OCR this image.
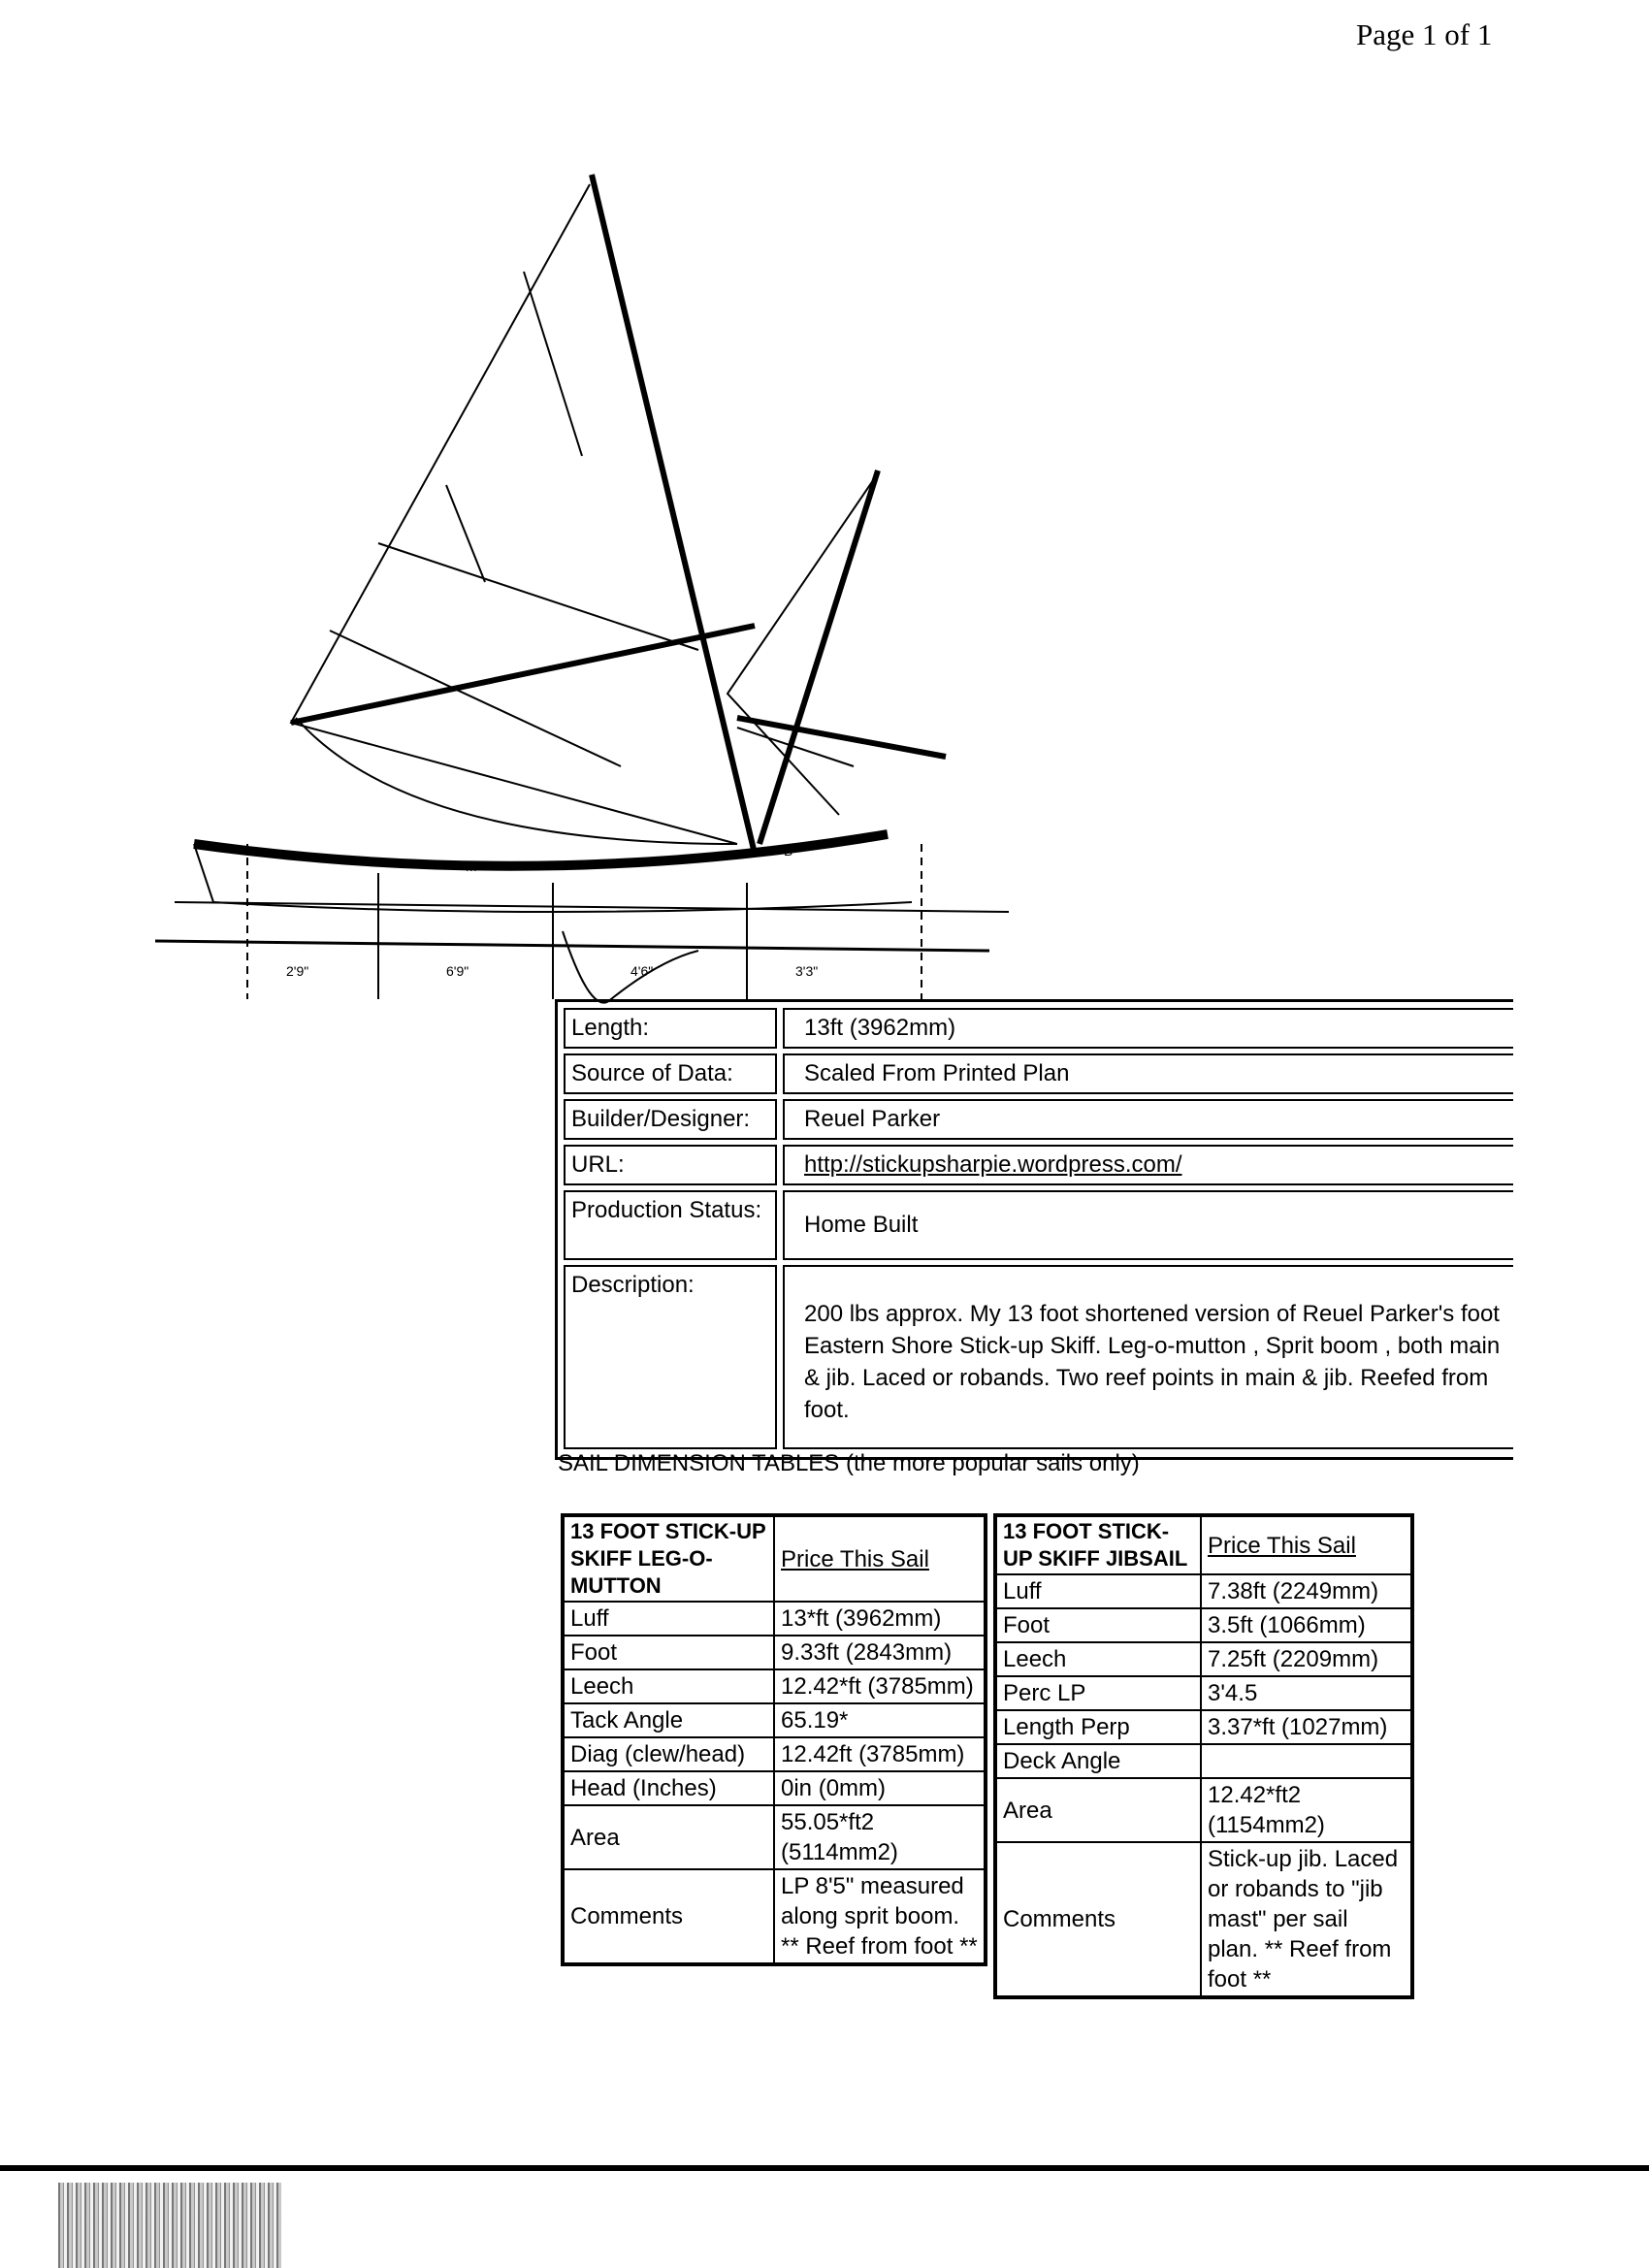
Page 1 of 1
M
B
2'9"	6'9"	4'6"	3'3"
Length:	13ft (3962mm)
Source of Data:	Scaled From Printed Plan
Builder/Designer:	Reuel Parker
URL:	http://stickupsharpie.wordpress.com/
Production Status:
Home Built
Description:
200 lbs approx. My 13 foot shortened version of Reuel Parker's foot Eastern Shore Stick-up Skiff. Leg-o-mutton , Sprit boom , both main & jib. Laced or robands. Two reef points in main & jib. Reefed from foot.
SAIL DIMENSION TABLES (the more popular sails only)
13 FOOT STICK-UP SKIFF LEG-O-MUTTON	Price This Sail
Luff	13*ft (3962mm)
Foot	9.33ft (2843mm)
Leech	12.42*ft (3785mm)
Tack Angle	65.19*
Diag (clew/head)	12.42ft (3785mm)
Head (Inches)	0in (0mm)
Area	55.05*ft2 (5114mm2)
Comments	LP 8'5" measured along sprit boom. ** Reef from foot **
13 FOOT STICK-UP SKIFF JIBSAIL	Price This Sail
Luff	7.38ft (2249mm)
Foot	3.5ft (1066mm)
Leech	7.25ft (2209mm)
Perc LP	3'4.5
Length Perp	3.37*ft (1027mm)
Deck Angle	
Area	12.42*ft2 (1154mm2)
Comments	Stick-up jib. Laced or robands to "jib mast" per sail plan. ** Reef from foot **
